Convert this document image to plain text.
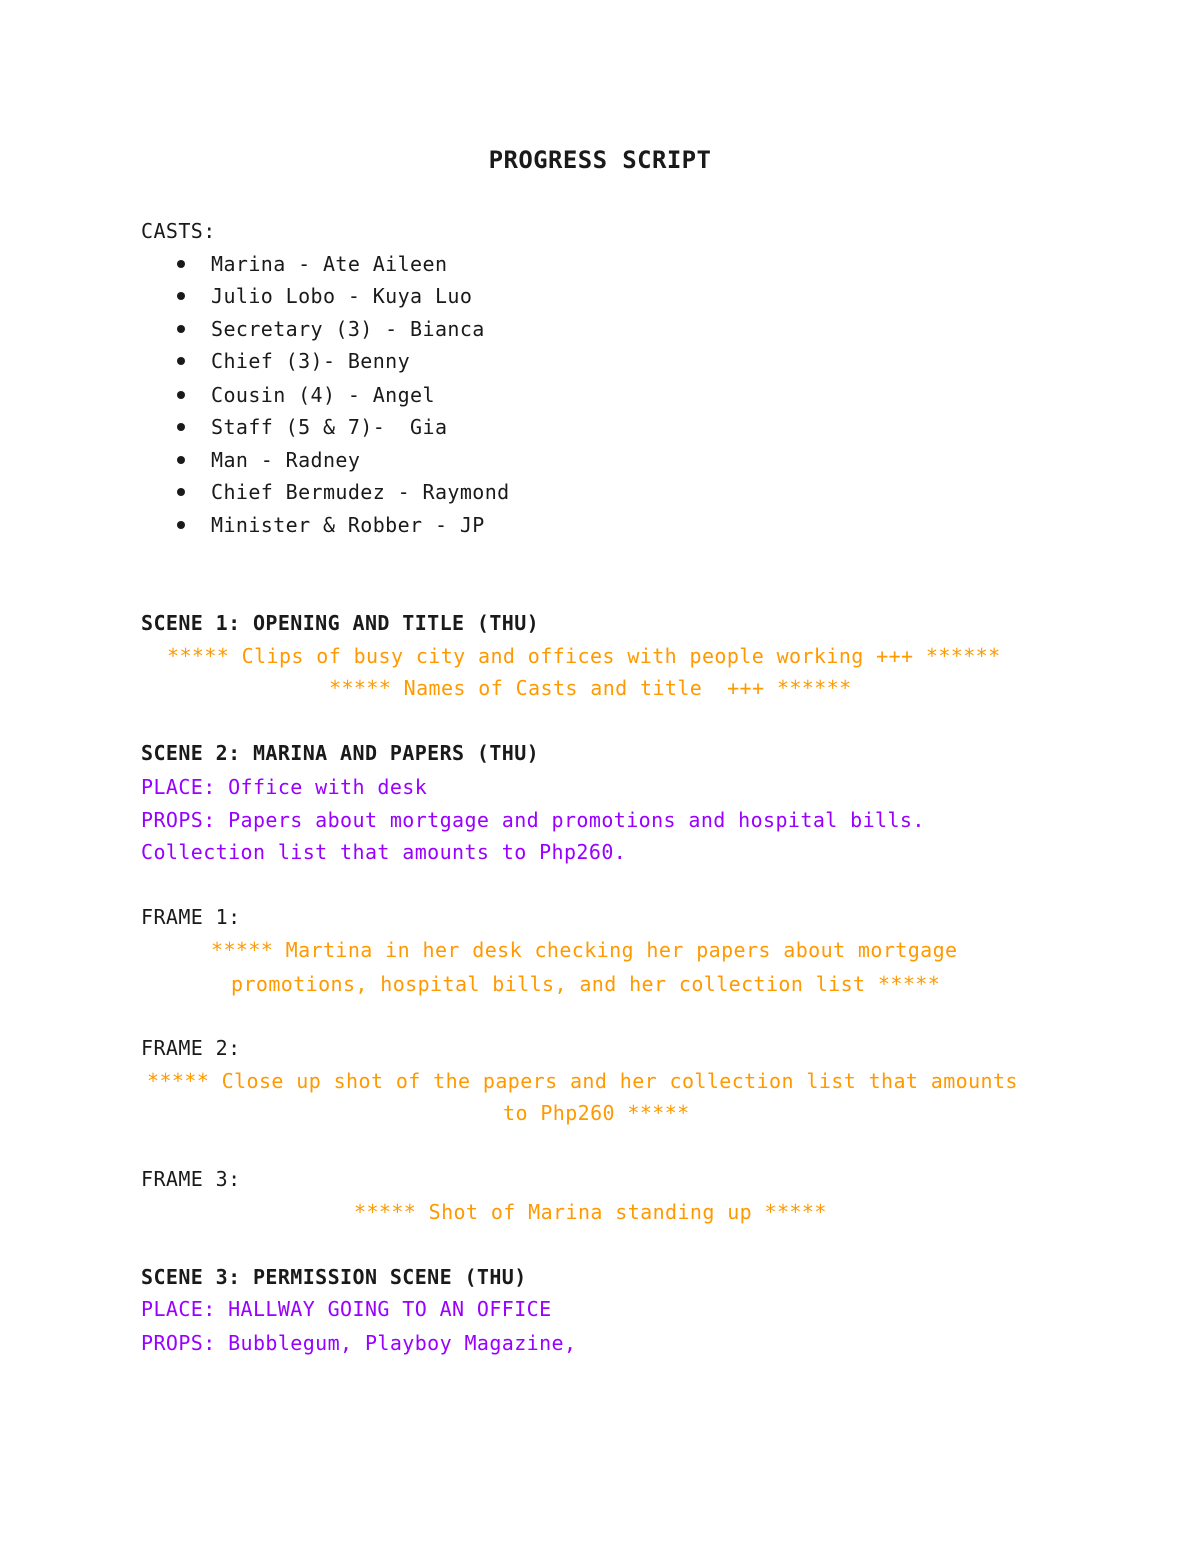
PROGRESS SCRIPT
CASTS:
Marina - Ate Aileen
Julio Lobo - Kuya Luo
Secretary (3) - Bianca
Chief (3)- Benny
Cousin (4) - Angel
Staff (5 & 7)-  Gia
Man - Radney
Chief Bermudez - Raymond
Minister & Robber - JP
SCENE 1: OPENING AND TITLE (THU)
***** Clips of busy city and offices with people working +++ ******
***** Names of Casts and title  +++ ******
SCENE 2: MARINA AND PAPERS (THU)
PLACE: Office with desk
PROPS: Papers about mortgage and promotions and hospital bills.
Collection list that amounts to Php260.
FRAME 1:
***** Martina in her desk checking her papers about mortgage
promotions, hospital bills, and her collection list *****
FRAME 2:
***** Close up shot of the papers and her collection list that amounts
to Php260 *****
FRAME 3:
***** Shot of Marina standing up *****
SCENE 3: PERMISSION SCENE (THU)
PLACE: HALLWAY GOING TO AN OFFICE
PROPS: Bubblegum, Playboy Magazine,
